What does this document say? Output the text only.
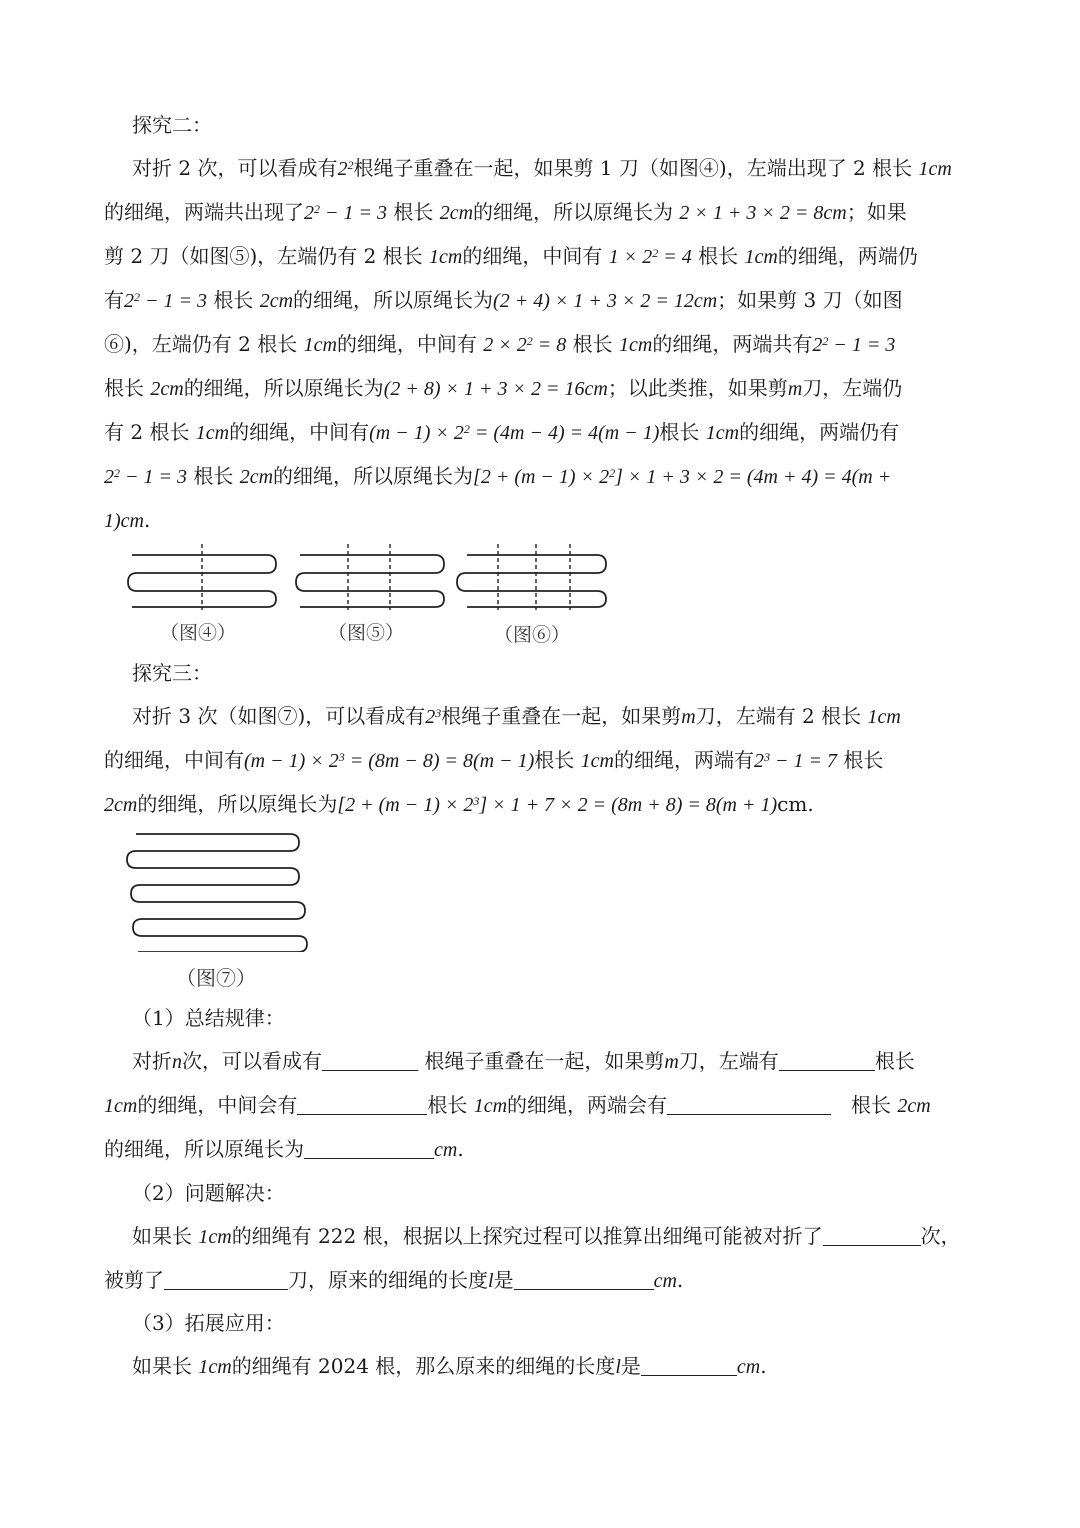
探究二：
对折 2 次，可以看成有$2^2$根绳子重叠在一起，如果剪 1 刀（如图④)，左端出现了 2 根长 1cm
的细绳，两端共出现了$2^2 - 1 = 3$ 根长 2cm的细绳，所以原绳长为 2 × 1 + 3 × 2 = 8cm；如果
剪 2 刀（如图⑤)，左端仍有 2 根长 1cm的细绳，中间有 $1 \times 2^2 = 4$ 根长 1cm的细绳，两端仍
有$2^2 - 1 = 3$ 根长 2cm的细绳，所以原绳长为(2 + 4) × 1 + 3 × 2 = 12cm；如果剪 3 刀（如图
⑥)，左端仍有 2 根长 1cm的细绳，中间有 $2 \times 2^2 = 8$ 根长 1cm的细绳，两端共有$2^2 - 1 = 3$
根长 2cm的细绳，所以原绳长为(2 + 8) × 1 + 3 × 2 = 16cm；以此类推，如果剪m刀，左端仍
有 2 根长 1cm的细绳，中间有$(m - 1) \times 2^2 = (4m - 4) = 4(m - 1)$根长 1cm的细绳，两端仍有
$2^2 - 1 = 3$ 根长 2cm的细绳，所以原绳长为$[2 + (m - 1) \times 2^2] \times 1 + 3 \times 2 = (4m + 4) = 4(m$ +
1)cm.
（图④）	（图⑤）	（图⑥）
探究三：
对折 3 次（如图⑦)，可以看成有$2^3$根绳子重叠在一起，如果剪m刀，左端有 2 根长 1cm
的细绳，中间有$(m - 1) \times 2^3 = (8m - 8) = 8(m - 1)$根长 1cm的细绳，两端有$2^3 - 1 = 7$ 根长
2cm的细绳，所以原绳长为$[2 + (m - 1) \times 2^3] \times 1 + 7 \times 2 = (8m + 8) = 8(m + 1)cm$.
（图⑦）
（1）总结规律：
对折n次，可以看成有	根绳子重叠在一起，如果剪m刀，左端有	根长
1cm的细绳，中间会有	根长 1cm的细绳，两端会有	　根长 2cm
的细绳，所以原绳长为	cm.
（2）问题解决：
如果长 1cm的细绳有 222 根，根据以上探究过程可以推算出细绳可能被对折了	次，
被剪了	刀，原来的细绳的长度l是	cm.
（3）拓展应用：
如果长 1cm的细绳有 2024 根，那么原来的细绳的长度l是	cm.
